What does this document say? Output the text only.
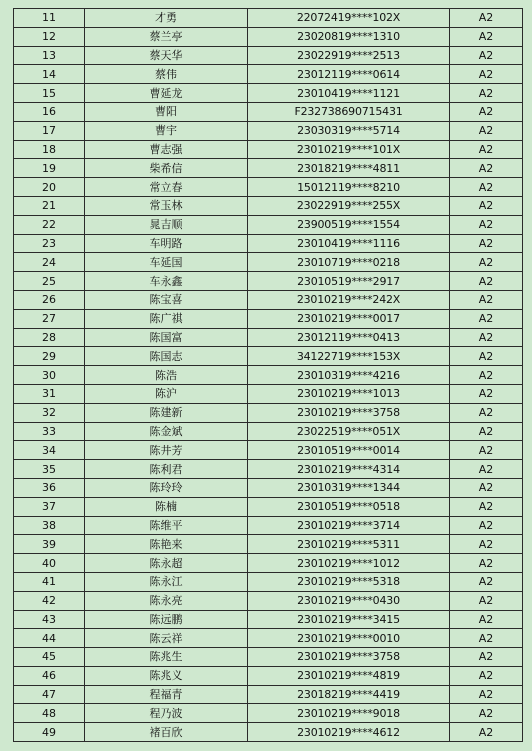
11	才勇	22072419****102X	A2
12	蔡兰亭	23020819****1310	A2
13	蔡天华	23022919****2513	A2
14	蔡伟	23012119****0614	A2
15	曹延龙	23010419****1121	A2
16	曹阳	F232738690715431	A2
17	曹宇	23030319****5714	A2
18	曹志强	23010219****101X	A2
19	柴希信	23018219****4811	A2
20	常立春	15012119****8210	A2
21	常玉林	23022919****255X	A2
22	晁吉顺	23900519****1554	A2
23	车明路	23010419****1116	A2
24	车延国	23010719****0218	A2
25	车永鑫	23010519****2917	A2
26	陈宝喜	23010219****242X	A2
27	陈广祺	23010219****0017	A2
28	陈国富	23012119****0413	A2
29	陈国志	34122719****153X	A2
30	陈浩	23010319****4216	A2
31	陈沪	23010219****1013	A2
32	陈建新	23010219****3758	A2
33	陈金斌	23022519****051X	A2
34	陈井芳	23010519****0014	A2
35	陈利君	23010219****4314	A2
36	陈玲玲	23010319****1344	A2
37	陈楠	23010519****0518	A2
38	陈维平	23010219****3714	A2
39	陈艳来	23010219****5311	A2
40	陈永超	23010219****1012	A2
41	陈永江	23010219****5318	A2
42	陈永亮	23010219****0430	A2
43	陈远鹏	23010219****3415	A2
44	陈云祥	23010219****0010	A2
45	陈兆生	23010219****3758	A2
46	陈兆义	23010219****4819	A2
47	程福青	23018219****4419	A2
48	程乃波	23010219****9018	A2
49	褚百欣	23010219****4612	A2
